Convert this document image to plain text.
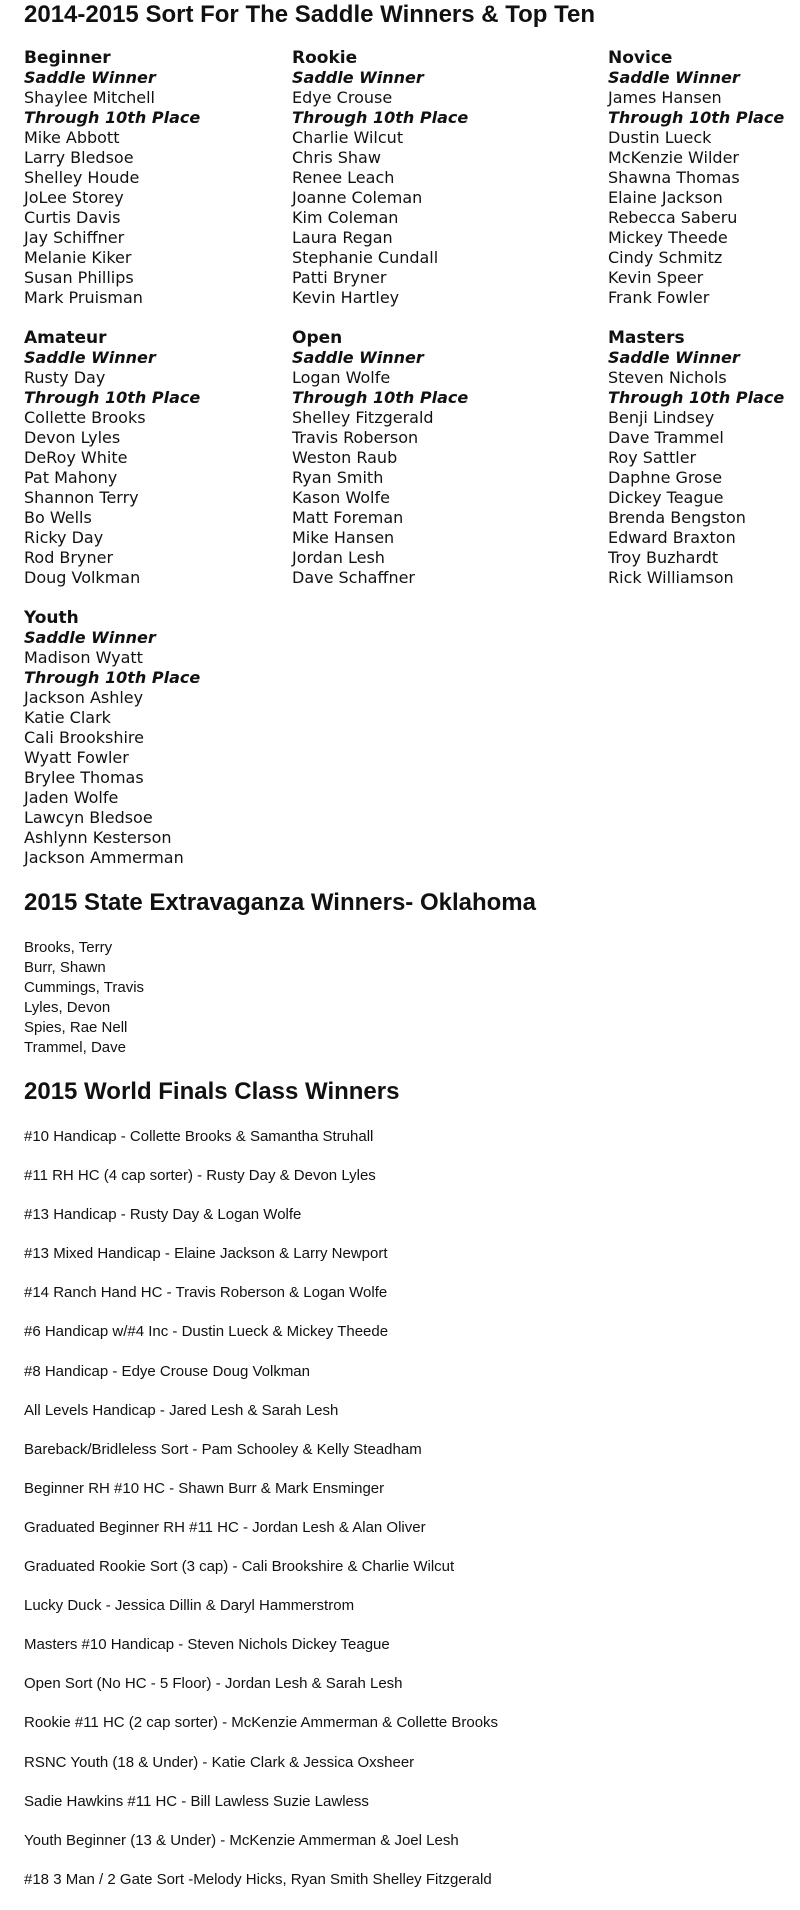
2014-2015 Sort For The Saddle Winners & Top Ten
Beginner
Saddle Winner
Shaylee Mitchell
Through 10th Place
Mike Abbott
Larry Bledsoe
Shelley Houde
JoLee Storey
Curtis Davis
Jay Schiffner
Melanie Kiker
Susan Phillips
Mark Pruisman
Rookie
Saddle Winner
Edye Crouse
Through 10th Place
Charlie Wilcut
Chris Shaw
Renee Leach
Joanne Coleman
Kim Coleman
Laura Regan
Stephanie Cundall
Patti Bryner
Kevin Hartley
Novice
Saddle Winner
James Hansen
Through 10th Place
Dustin Lueck
McKenzie Wilder
Shawna Thomas
Elaine Jackson
Rebecca Saberu
Mickey Theede
Cindy Schmitz
Kevin Speer
Frank Fowler
Amateur
Saddle Winner
Rusty Day
Through 10th Place
Collette Brooks
Devon Lyles
DeRoy White
Pat Mahony
Shannon Terry
Bo Wells
Ricky Day
Rod Bryner
Doug Volkman
Open
Saddle Winner
Logan Wolfe
Through 10th Place
Shelley Fitzgerald
Travis Roberson
Weston Raub
Ryan Smith
Kason Wolfe
Matt Foreman
Mike Hansen
Jordan Lesh
Dave Schaffner
Masters
Saddle Winner
Steven Nichols
Through 10th Place
Benji Lindsey
Dave Trammel
Roy Sattler
Daphne Grose
Dickey Teague
Brenda Bengston
Edward Braxton
Troy Buzhardt
Rick Williamson
Youth
Saddle Winner
Madison Wyatt
Through 10th Place
Jackson Ashley
Katie Clark
Cali Brookshire
Wyatt Fowler
Brylee Thomas
Jaden Wolfe
Lawcyn Bledsoe
Ashlynn Kesterson
Jackson Ammerman
2015 State Extravaganza Winners- Oklahoma
Brooks, Terry
Burr, Shawn
Cummings, Travis
Lyles, Devon
Spies, Rae Nell
Trammel, Dave
2015 World Finals Class Winners
#10 Handicap - Collette Brooks & Samantha Struhall
#11 RH HC (4 cap sorter) - Rusty Day & Devon Lyles
#13 Handicap - Rusty Day & Logan Wolfe
#13 Mixed Handicap - Elaine Jackson & Larry Newport
#14 Ranch Hand HC - Travis Roberson & Logan Wolfe
#6 Handicap w/#4 Inc - Dustin Lueck & Mickey Theede
#8 Handicap - Edye Crouse Doug Volkman
All Levels Handicap - Jared Lesh & Sarah Lesh
Bareback/Bridleless Sort - Pam Schooley & Kelly Steadham
Beginner RH #10 HC - Shawn Burr & Mark Ensminger
Graduated Beginner RH #11 HC - Jordan Lesh & Alan Oliver
Graduated Rookie Sort (3 cap) - Cali Brookshire & Charlie Wilcut
Lucky Duck - Jessica Dillin & Daryl Hammerstrom
Masters #10 Handicap - Steven Nichols Dickey Teague
Open Sort (No HC - 5 Floor) - Jordan Lesh & Sarah Lesh
Rookie #11 HC (2 cap sorter) - McKenzie Ammerman & Collette Brooks
RSNC Youth (18 & Under) - Katie Clark & Jessica Oxsheer
Sadie Hawkins #11 HC - Bill Lawless Suzie Lawless
Youth Beginner (13 & Under) - McKenzie Ammerman & Joel Lesh
#18 3 Man / 2 Gate Sort -Melody Hicks, Ryan Smith Shelley Fitzgerald
